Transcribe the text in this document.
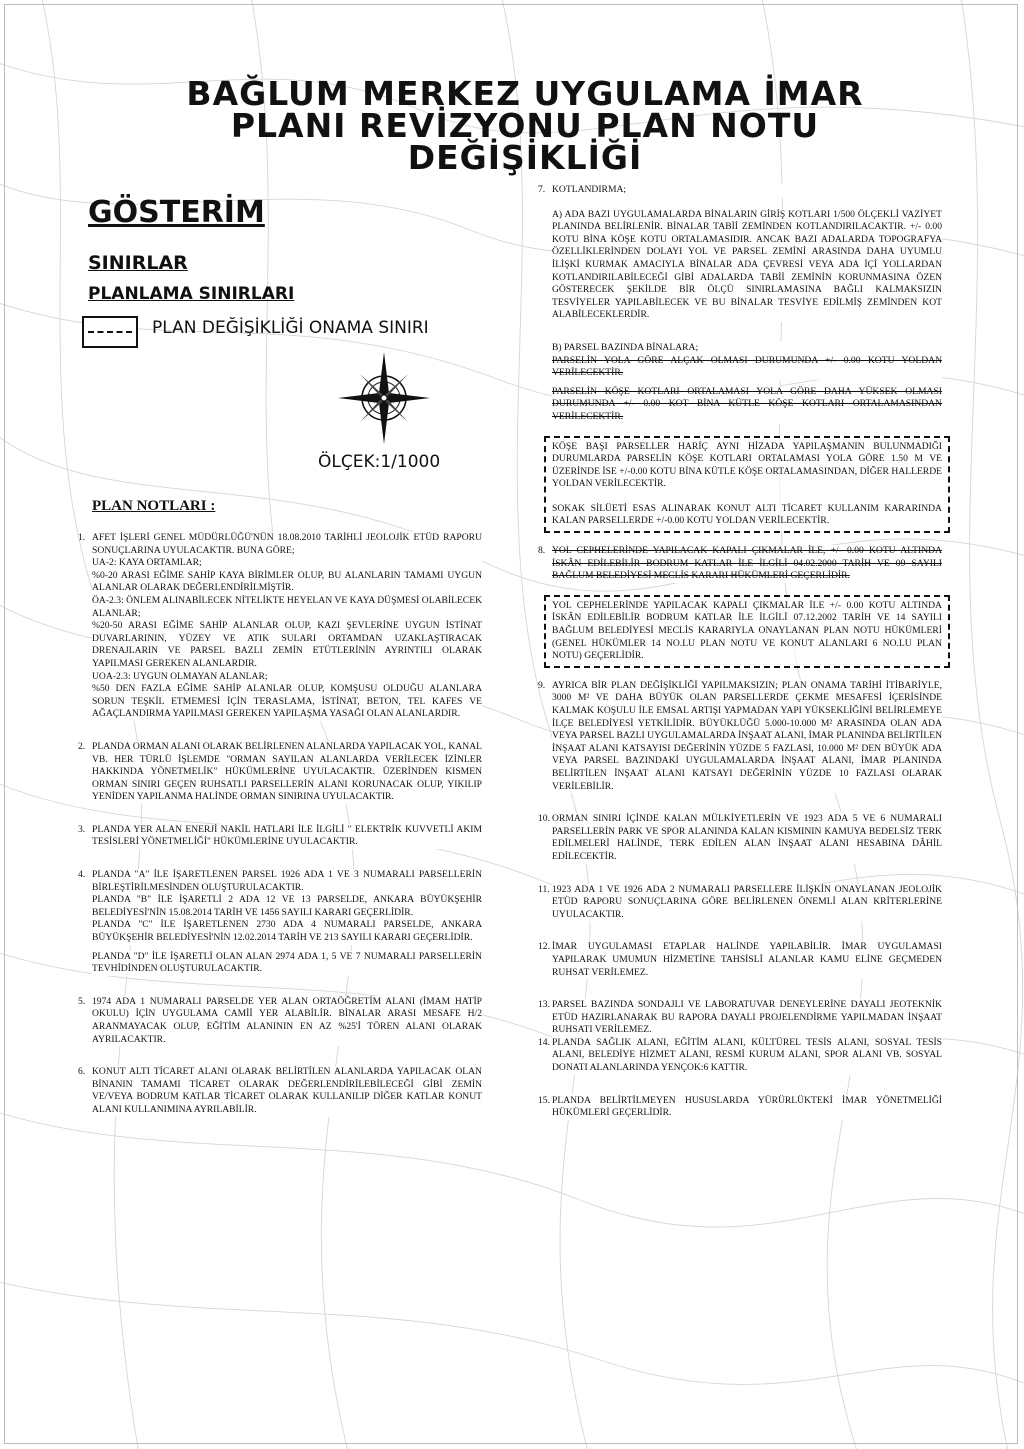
BAĞLUM MERKEZ UYGULAMA İMAR
PLANI REVİZYONU PLAN NOTU
DEĞİŞİKLİĞİ
GÖSTERİM
SINIRLAR
PLANLAMA SINIRLARI
PLAN DEĞİŞİKLİĞİ ONAMA SINIRI
ÖLÇEK:1/1000
PLAN NOTLARI :
1. AFET İŞLERİ GENEL MÜDÜRLÜĞÜ'NÜN 18.08.2010 TARİHLİ JEOLOJİK ETÜD RAPORU SONUÇLARINA UYULACAKTIR. BUNA GÖRE;

UA-2: KAYA ORTAMLAR;

%0-20 ARASI EĞİME SAHİP KAYA BİRİMLER OLUP, BU ALANLARIN TAMAMI UYGUN ALANLAR OLARAK DEĞERLENDİRİLMİŞTİR.

ÖA-2.3: ÖNLEM ALINABİLECEK NİTELİKTE HEYELAN VE KAYA DÜŞMESİ OLABİLECEK ALANLAR;

%20-50 ARASI EĞİME SAHİP ALANLAR OLUP, KAZI ŞEVLERİNE UYGUN İSTİNAT DUVARLARININ, YÜZEY VE ATIK SULARI ORTAMDAN UZAKLAŞTIRACAK DRENAJLARIN VE PARSEL BAZLI ZEMİN ETÜTLERİNİN AYRINTILI OLARAK YAPILMASI GEREKEN ALANLARDIR.

UOA-2.3: UYGUN OLMAYAN ALANLAR;

%50 DEN FAZLA EĞİME SAHİP ALANLAR OLUP, KOMŞUSU OLDUĞU ALANLARA SORUN TEŞKİL ETMEMESİ İÇİN TERASLAMA, İSTİNAT, BETON, TEL KAFES VE AĞAÇLANDIRMA YAPILMASI GEREKEN YAPILAŞMA YASAĞI OLAN ALANLARDIR.

2. PLANDA ORMAN ALANI OLARAK BELİRLENEN ALANLARDA YAPILACAK YOL, KANAL VB. HER TÜRLÜ İŞLEMDE "ORMAN SAYILAN ALANLARDA VERİLECEK İZİNLER HAKKINDA YÖNETMELİK" HÜKÜMLERİNE UYULACAKTIR. ÜZERİNDEN KISMEN ORMAN SINIRI GEÇEN RUHSATLI PARSELLERİN ALANI KORUNACAK OLUP, YIKILIP YENİDEN YAPILANMA HALİNDE ORMAN SINIRINA UYULACAKTIR.

3. PLANDA YER ALAN ENERJİ NAKİL HATLARI İLE İLGİLİ " ELEKTRİK KUVVETLİ AKIM TESİSLERİ YÖNETMELİĞİ" HÜKÜMLERİNE UYULACAKTIR.

4. PLANDA "A" İLE İŞARETLENEN PARSEL 1926 ADA 1 VE 3 NUMARALI PARSELLERİN BİRLEŞTİRİLMESİNDEN OLUŞTURULACAKTIR.

PLANDA "B" İLE İŞARETLİ 2 ADA 12 VE 13 PARSELDE, ANKARA BÜYÜKŞEHİR BELEDİYESİ'NİN 15.08.2014 TARİH VE 1456 SAYILI KARARI GEÇERLİDİR.

PLANDA "C" İLE İŞARETLENEN 2730 ADA 4 NUMARALI PARSELDE, ANKARA BÜYÜKŞEHİR BELEDİYESİ'NİN 12.02.2014 TARİH VE 213 SAYILI KARARI GEÇERLİDİR.

PLANDA "D" İLE İŞARETLİ OLAN ALAN 2974 ADA 1, 5 VE 7 NUMARALI PARSELLERİN TEVHİDİNDEN OLUŞTURULACAKTIR.

5. 1974 ADA 1 NUMARALI PARSELDE YER ALAN ORTAÖĞRETİM ALANI (İMAM HATİP OKULU) İÇİN UYGULAMA CAMİİ YER ALABİLİR. BİNALAR ARASI MESAFE H/2 ARANMAYACAK OLUP, EĞİTİM ALANININ EN AZ %25'İ TÖREN ALANI OLARAK AYRILACAKTIR.

6. KONUT ALTI TİCARET ALANI OLARAK BELİRTİLEN ALANLARDA YAPILACAK OLAN BİNANIN TAMAMI TİCARET OLARAK DEĞERLENDİRİLEBİLECEĞİ GİBİ ZEMİN VE/VEYA BODRUM KATLAR TİCARET OLARAK KULLANILIP DİĞER KATLAR KONUT ALANI KULLANIMINA AYRILABİLİR.

7. KOTLANDIRMA;

A) ADA BAZI UYGULAMALARDA BİNALARIN GİRİŞ KOTLARI 1/500 ÖLÇEKLİ VAZİYET PLANINDA BELİRLENİR. BİNALAR TABİİ ZEMİNDEN KOTLANDIRILACAKTIR. +/- 0.00 KOTU BİNA KÖŞE KOTU ORTALAMASIDIR. ANCAK BAZI ADALARDA TOPOGRAFYA ÖZELLİKLERİNDEN DOLAYI YOL VE PARSEL ZEMİNİ ARASINDA DAHA UYUMLU İLİŞKİ KURMAK AMACIYLA BİNALAR ADA ÇEVRESİ VEYA ADA İÇİ YOLLARDAN KOTLANDIRILABİLECEĞİ GİBİ ADALARDA TABİİ ZEMİNİN KORUNMASINA ÖZEN GÖSTERECEK ŞEKİLDE BİR ÖLÇÜ SINIRLAMASINA BAĞLI KALMAKSIZIN TESVİYELER YAPILABİLECEK VE BU BİNALAR TESVİYE EDİLMİŞ ZEMİNDEN KOT ALABİLECEKLERDİR.

B) PARSEL BAZINDA BİNALARA;

PARSELİN YOLA GÖRE ALÇAK OLMASI DURUMUNDA +/- 0.00 KOTU YOLDAN VERİLECEKTİR.

PARSELİN KÖŞE KOTLARI ORTALAMASI YOLA GÖRE DAHA YÜKSEK OLMASI DURUMUNDA +/- 0.00 KOT BİNA KÜTLE KÖŞE KOTLARI ORTALAMASINDAN VERİLECEKTİR.

KÖŞE BAŞI PARSELLER HARİÇ AYNI HİZADA YAPILAŞMANIN BULUNMADIĞI DURUMLARDA PARSELİN KÖŞE KOTLARI ORTALAMASI YOLA GÖRE 1.50 M VE ÜZERİNDE İSE +/-0.00 KOTU BİNA KÜTLE KÖŞE ORTALAMASINDAN, DİĞER HALLERDE YOLDAN VERİLECEKTİR.

SOKAK SİLÜETİ ESAS ALINARAK KONUT ALTI TİCARET KULLANIM KARARINDA KALAN PARSELLERDE +/-0.00 KOTU YOLDAN VERİLECEKTİR.

8. YOL CEPHELERİNDE YAPILACAK KAPALI ÇIKMALAR İLE, +/- 0.00 KOTU ALTINDA İSKÂN EDİLEBİLİR BODRUM KATLAR İLE İLGİLİ 04.02.2000 TARİH VE 09 SAYILI BAĞLUM BELEDİYESİ MECLİS KARARI HÜKÜMLERİ GEÇERLİDİR.

YOL CEPHELERİNDE YAPILACAK KAPALI ÇIKMALAR İLE +/- 0.00 KOTU ALTINDA İSKÂN EDİLEBİLİR BODRUM KATLAR İLE İLGİLİ 07.12.2002 TARİH VE 14 SAYILI BAĞLUM BELEDİYESİ MECLİS KARARIYLA ONAYLANAN PLAN NOTU HÜKÜMLERİ (GENEL HÜKÜMLER 14 NO.LU PLAN NOTU VE KONUT ALANLARI 6 NO.LU PLAN NOTU) GEÇERLİDİR.

9. AYRICA BİR PLAN DEĞİŞİKLİĞİ YAPILMAKSIZIN; PLAN ONAMA TARİHİ İTİBARİYLE, 3000 M² VE DAHA BÜYÜK OLAN PARSELLERDE ÇEKME MESAFESİ İÇERİSİNDE KALMAK KOŞULU İLE EMSAL ARTIŞI YAPMADAN YAPI YÜKSEKLİĞİNİ BELİRLEMEYE İLÇE BELEDİYESİ YETKİLİDİR. BÜYÜKLÜĞÜ 5.000-10.000 M² ARASINDA OLAN ADA VEYA PARSEL BAZLI UYGULAMALARDA İNŞAAT ALANI, İMAR PLANINDA BELİRTİLEN İNŞAAT ALANI KATSAYISI DEĞERİNİN YÜZDE 5 FAZLASI, 10.000 M² DEN BÜYÜK ADA VEYA PARSEL BAZINDAKİ UYGULAMALARDA İNŞAAT ALANI, İMAR PLANINDA BELİRTİLEN İNŞAAT ALANI KATSAYI DEĞERİNİN YÜZDE 10 FAZLASI OLARAK VERİLEBİLİR.

10. ORMAN SINIRI İÇİNDE KALAN MÜLKİYETLERİN VE 1923 ADA 5 VE 6 NUMARALI PARSELLERİN PARK VE SPOR ALANINDA KALAN KISMININ KAMUYA BEDELSİZ TERK EDİLMELERİ HALİNDE, TERK EDİLEN ALAN İNŞAAT ALANI HESABINA DÂHİL EDİLECEKTİR.

11. 1923 ADA 1 VE 1926 ADA 2 NUMARALI PARSELLERE İLİŞKİN ONAYLANAN JEOLOJİK ETÜD RAPORU SONUÇLARINA GÖRE BELİRLENEN ÖNEMLİ ALAN KRİTERLERİNE UYULACAKTIR.

12. İMAR UYGULAMASI ETAPLAR HALİNDE YAPILABİLİR. İMAR UYGULAMASI YAPILARAK UMUMUN HİZMETİNE TAHSİSLİ ALANLAR KAMU ELİNE GEÇMEDEN RUHSAT VERİLEMEZ.

13. PARSEL BAZINDA SONDAJLI VE LABORATUVAR DENEYLERİNE DAYALI JEOTEKNİK ETÜD HAZIRLANARAK BU RAPORA DAYALI PROJELENDİRME YAPILMADAN İNŞAAT RUHSATI VERİLEMEZ.

14. PLANDA SAĞLIK ALANI, EĞİTİM ALANI, KÜLTÜREL TESİS ALANI, SOSYAL TESİS ALANI, BELEDİYE HİZMET ALANI, RESMİ KURUM ALANI, SPOR ALANI VB. SOSYAL DONATI ALANLARINDA YENÇOK:6 KATTIR.

15. PLANDA BELİRTİLMEYEN HUSUSLARDA YÜRÜRLÜKTEKİ İMAR YÖNETMELİĞİ HÜKÜMLERİ GEÇERLİDİR.
